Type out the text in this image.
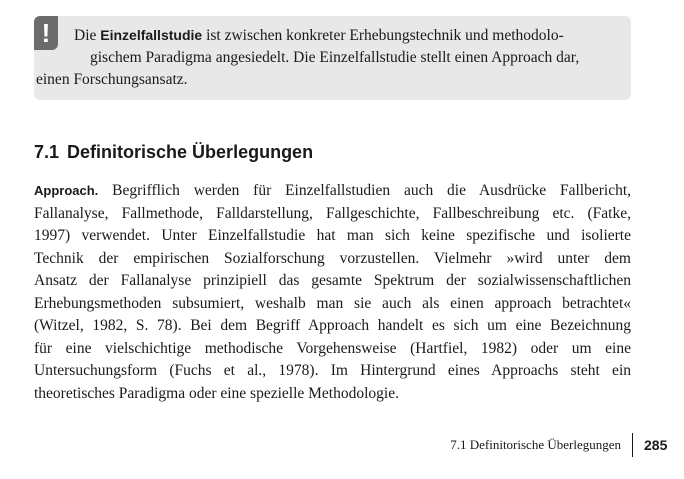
!	Die Einzelfallstudie ist zwischen konkreter Erhebungstechnik und methodolo-
gischem Paradigma angesiedelt. Die Einzelfallstudie stellt einen Approach dar,
einen Forschungsansatz.

7.1 Definitorische Überlegungen

Approach. Begrifflich werden für Einzelfallstudien auch die Ausdrücke Fallbericht,
Fallanalyse, Fallmethode, Falldarstellung, Fallgeschichte, Fallbeschreibung etc. (Fatke,
1997) verwendet. Unter Einzelfallstudie hat man sich keine spezifische und isolierte
Technik der empirischen Sozialforschung vorzustellen. Vielmehr »wird unter dem
Ansatz der Fallanalyse prinzipiell das gesamte Spektrum der sozialwissenschaftlichen
Erhebungsmethoden subsumiert, weshalb man sie auch als einen approach betrachtet«
(Witzel, 1982, S. 78). Bei dem Begriff Approach handelt es sich um eine Bezeichnung
für eine vielschichtige methodische Vorgehensweise (Hartfiel, 1982) oder um eine
Untersuchungsform (Fuchs et al., 1978). Im Hintergrund eines Approachs steht ein
theoretisches Paradigma oder eine spezielle Methodologie.

7.1 Definitorische Überlegungen 285
